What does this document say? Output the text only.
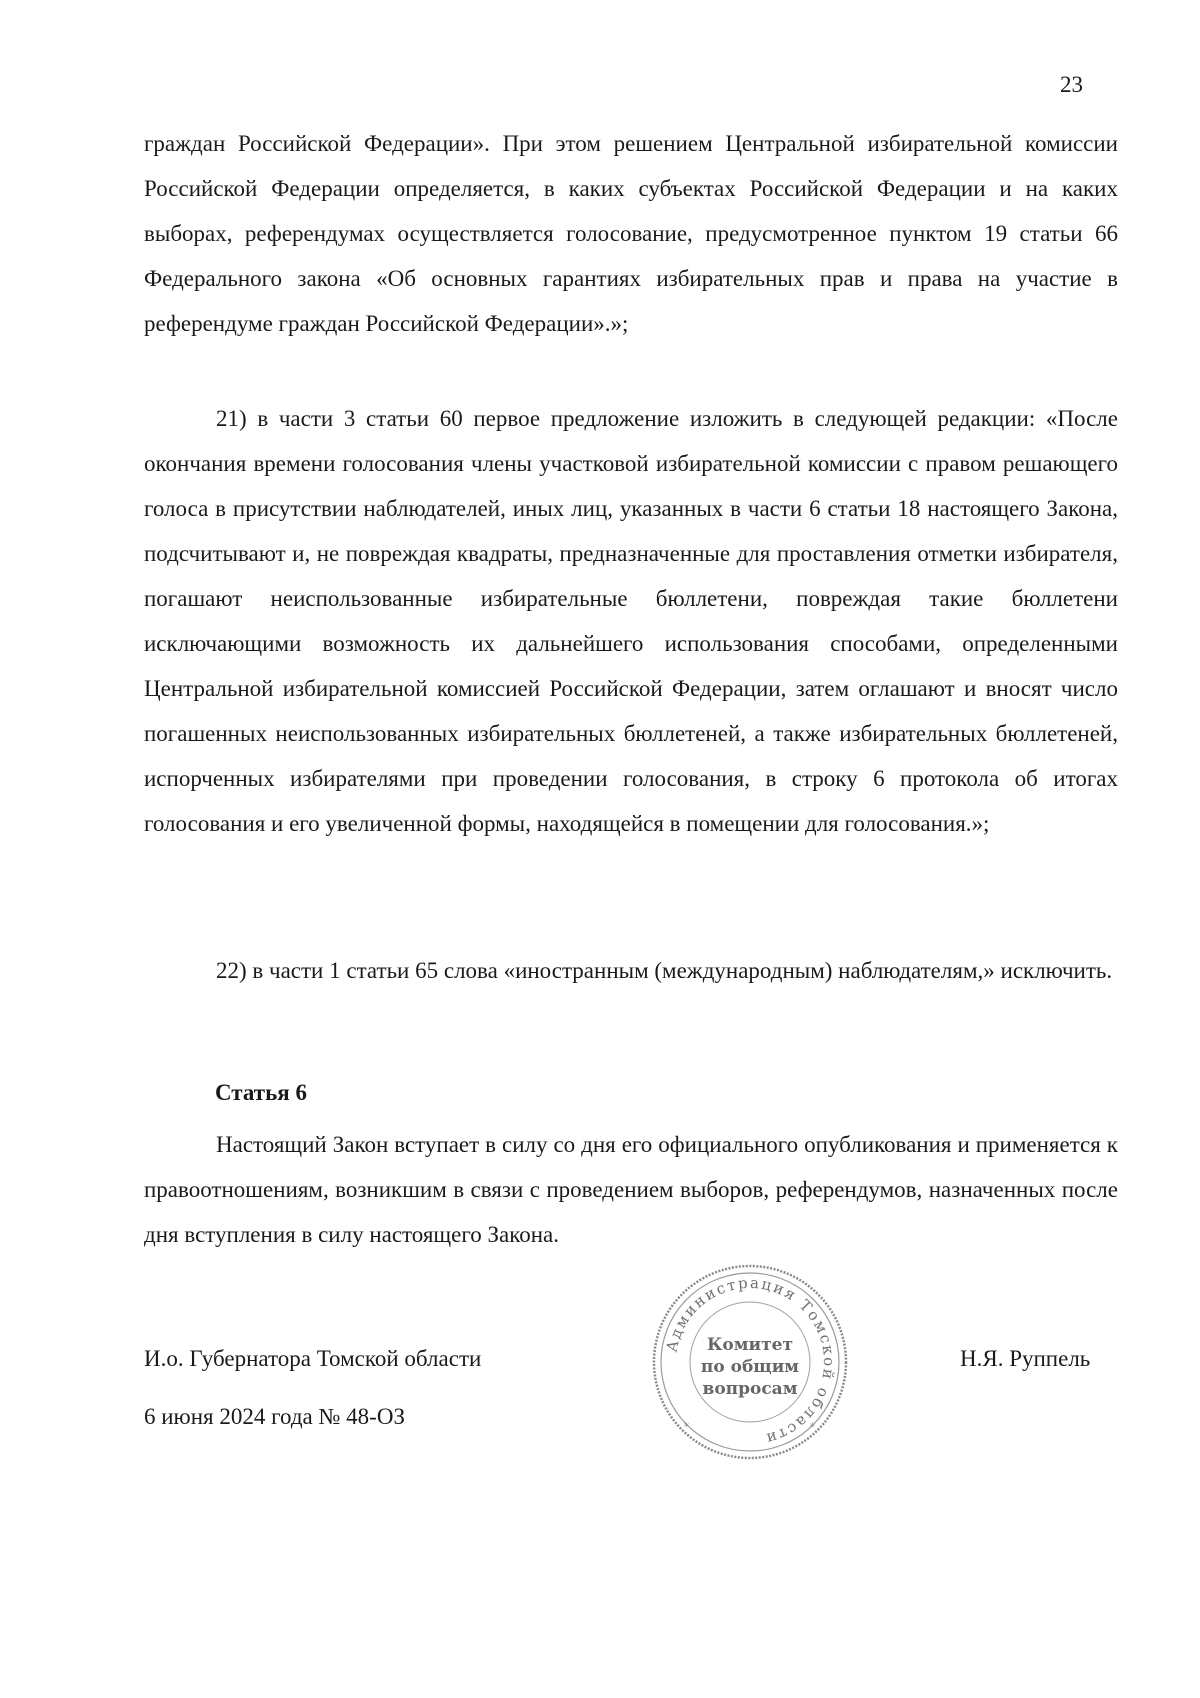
23

граждан Российской Федерации». При этом решением Центральной избирательной комиссии Российской Федерации определяется, в каких субъектах Российской Федерации и на каких выборах, референдумах осуществляется голосование, предусмотренное пунктом 19 статьи 66 Федерального закона «Об основных гарантиях избирательных прав и права на участие в референдуме граждан Российской Федерации».»;

21) в части 3 статьи 60 первое предложение изложить в следующей редакции: «После окончания времени голосования члены участковой избирательной комиссии с правом решающего голоса в присутствии наблюдателей, иных лиц, указанных в части 6 статьи 18 настоящего Закона, подсчитывают и, не повреждая квадраты, предназначенные для проставления отметки избирателя, погашают неиспользованные избирательные бюллетени, повреждая такие бюллетени исключающими возможность их дальнейшего использования способами, определенными Центральной избирательной комиссией Российской Федерации, затем оглашают и вносят число погашенных неиспользованных избирательных бюллетеней, а также избирательных бюллетеней, испорченных избирателями при проведении голосования, в строку 6 протокола об итогах голосования и его увеличенной формы, находящейся в помещении для голосования.»;

22) в части 1 статьи 65 слова «иностранным (международным) наблюдателям,» исключить.

Статья 6

Настоящий Закон вступает в силу со дня его официального опубликования и применяется к правоотношениям, возникшим в связи с проведением выборов, референдумов, назначенных после дня вступления в силу настоящего Закона.

И.о. Губернатора Томской области
Администрация Томской области
Комитет
по общим
вопросам
*	*
Н.Я. Руппель
6 июня 2024 года № 48-ОЗ
